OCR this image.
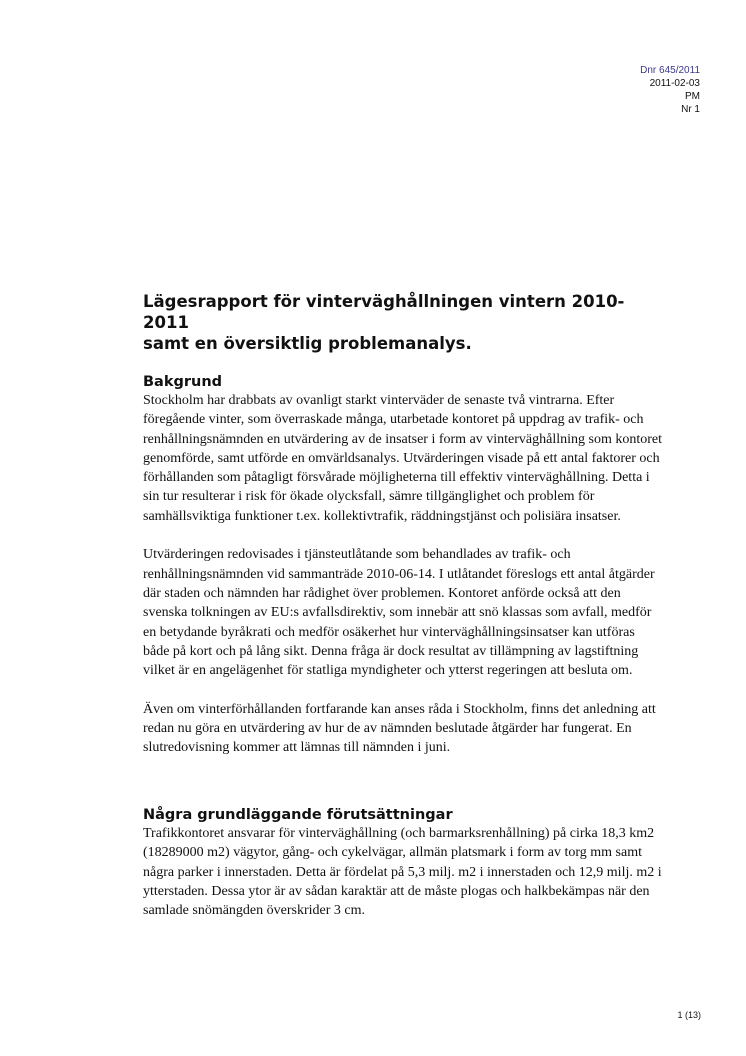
Dnr 645/2011
2011-02-03
PM
Nr 1
Lägesrapport för vinterväghållningen vintern 2010-2011
samt en översiktlig problemanalys.
Bakgrund

Stockholm har drabbats av ovanligt starkt vinterväder de senaste två vintrarna. Efter föregående vinter, som överraskade många, utarbetade kontoret på uppdrag av trafik- och renhållningsnämnden en utvärdering av de insatser i form av vinterväghållning som kontoret genomförde, samt utförde en omvärldsanalys. Utvärderingen visade på ett antal faktorer och förhållanden som påtagligt försvårade möjligheterna till effektiv vinterväghållning. Detta i sin tur resulterar i risk för ökade olycksfall, sämre tillgänglighet och problem för samhällsviktiga funktioner t.ex. kollektivtrafik, räddningstjänst och polisiära insatser.

Utvärderingen redovisades i tjänsteutlåtande som behandlades av trafik- och renhållningsnämnden vid sammanträde 2010-06-14. I utlåtandet föreslogs ett antal åtgärder där staden och nämnden har rådighet över problemen. Kontoret anförde också att den svenska tolkningen av EU:s avfallsdirektiv, som innebär att snö klassas som avfall, medför en betydande byråkrati och medför osäkerhet hur vinterväghållningsinsatser kan utföras både på kort och på lång sikt. Denna fråga är dock resultat av tillämpning av lagstiftning vilket är en angelägenhet för statliga myndigheter och ytterst regeringen att besluta om.

Även om vinterförhållanden fortfarande kan anses råda i Stockholm, finns det anledning att redan nu göra en utvärdering av hur de av nämnden beslutade åtgärder har fungerat. En slutredovisning kommer att lämnas till nämnden i juni.

Några grundläggande förutsättningar

Trafikkontoret ansvarar för vinterväghållning (och barmarksrenhållning) på cirka 18,3 km2 (18289000 m2) vägytor, gång- och cykelvägar, allmän platsmark i form av torg mm samt några parker i innerstaden. Detta är fördelat på 5,3 milj. m2 i innerstaden och 12,9 milj. m2 i ytterstaden. Dessa ytor är av sådan karaktär att de måste plogas och halkbekämpas när den samlade snömängden överskrider 3 cm.

1 (13)
